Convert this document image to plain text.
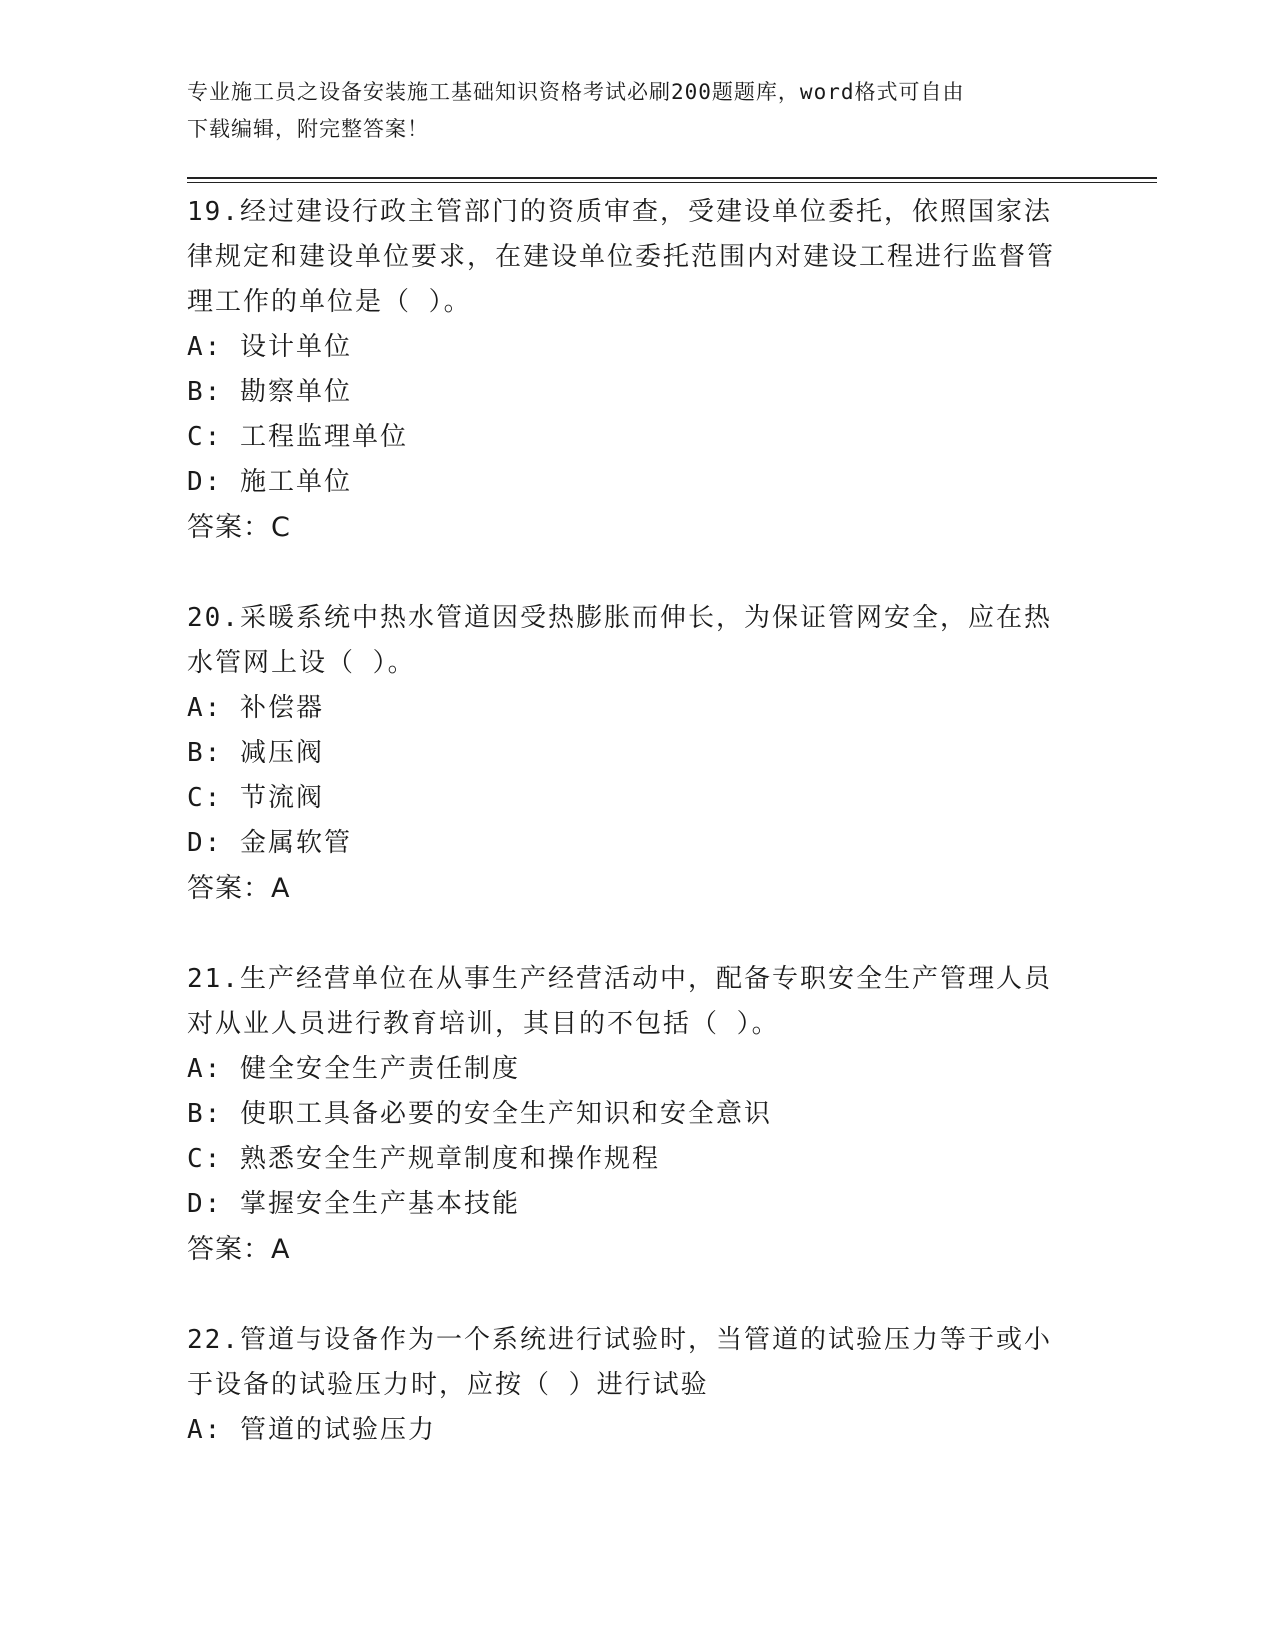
专业施工员之设备安装施工基础知识资格考试必刷200题题库，word格式可自由
下载编辑，附完整答案！
19.经过建设行政主管部门的资质审查，受建设单位委托，依照国家法律规定和建设单位要求，在建设单位委托范围内对建设工程进行监督管理工作的单位是（ ）。
A: 设计单位
B: 勘察单位
C: 工程监理单位
D: 施工单位
答案：C
20.采暖系统中热水管道因受热膨胀而伸长，为保证管网安全，应在热水管网上设（ ）。
A: 补偿器
B: 减压阀
C: 节流阀
D: 金属软管
答案：A
21.生产经营单位在从事生产经营活动中，配备专职安全生产管理人员对从业人员进行教育培训，其目的不包括（ ）。
A: 健全安全生产责任制度
B: 使职工具备必要的安全生产知识和安全意识
C: 熟悉安全生产规章制度和操作规程
D: 掌握安全生产基本技能
答案：A
22.管道与设备作为一个系统进行试验时，当管道的试验压力等于或小于设备的试验压力时，应按（ ）进行试验
A: 管道的试验压力
